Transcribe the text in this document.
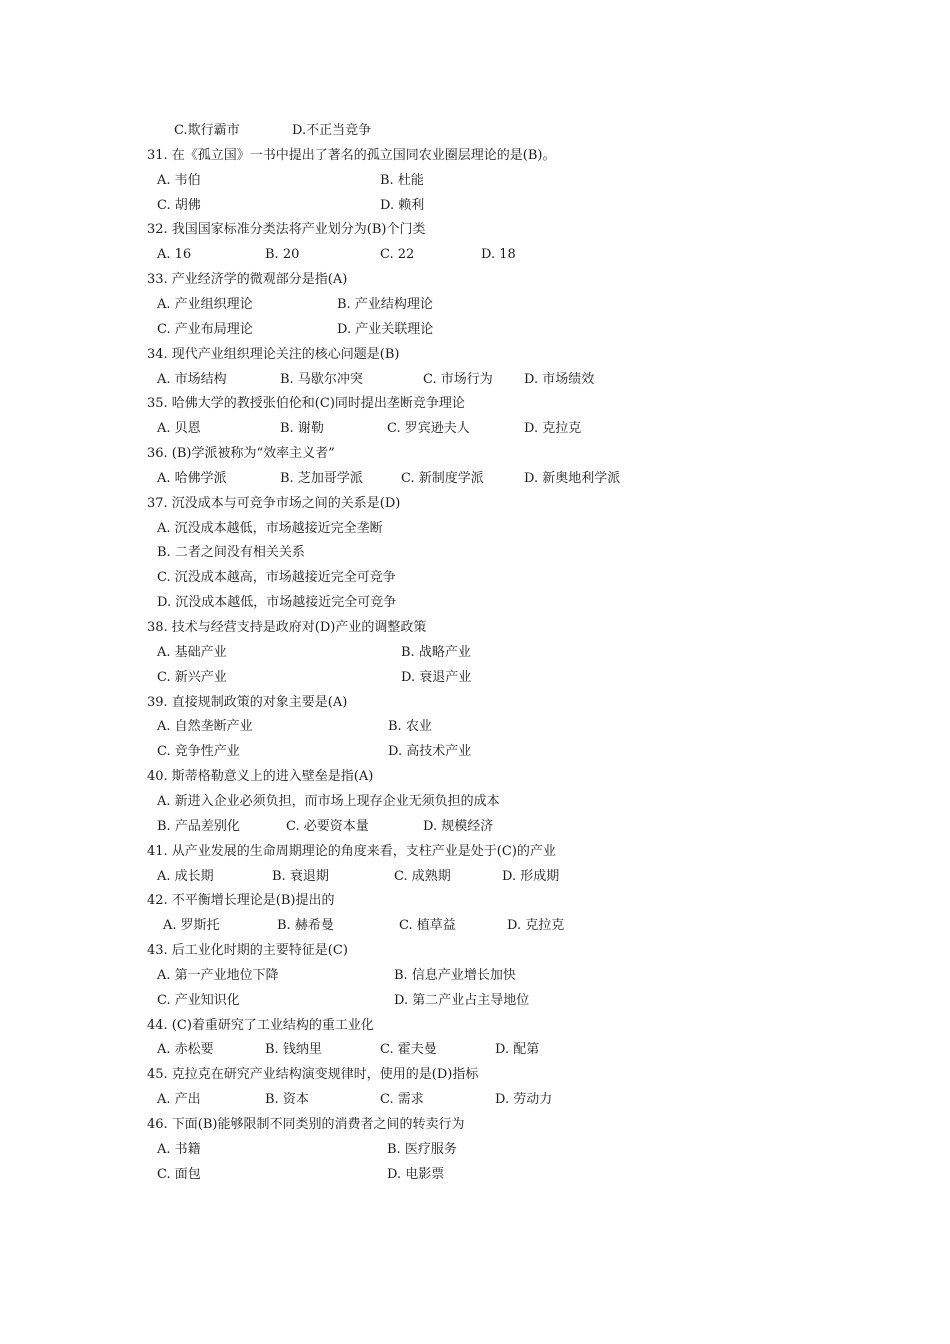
C.欺行霸市	D.不正当竞争
31. 在《孤立国》一书中提出了著名的孤立国同农业圈层理论的是(B)。
A. 韦伯	B. 杜能
C. 胡佛	D. 赖利
32. 我国国家标准分类法将产业划分为(B)个门类
A. 16	B. 20	C. 22	D. 18
33. 产业经济学的微观部分是指(A)
A. 产业组织理论	B. 产业结构理论
C. 产业布局理论	D. 产业关联理论
34. 现代产业组织理论关注的核心问题是(B)
A. 市场结构	B. 马歇尔冲突	C. 市场行为 D. 市场绩效
35. 哈佛大学的教授张伯伦和(C)同时提出垄断竞争理论
A. 贝恩	B. 谢勒	C. 罗宾逊夫人	D. 克拉克
36. (B)学派被称为“效率主义者”
A. 哈佛学派	B. 芝加哥学派	C. 新制度学派	D. 新奥地利学派
37. 沉没成本与可竞争市场之间的关系是(D)
A. 沉没成本越低，市场越接近完全垄断
B. 二者之间没有相关关系
C. 沉没成本越高，市场越接近完全可竞争
D. 沉没成本越低，市场越接近完全可竞争
38. 技术与经营支持是政府对(D)产业的调整政策
A. 基础产业	B. 战略产业
C. 新兴产业	D. 衰退产业
39. 直接规制政策的对象主要是(A)
A. 自然垄断产业	B. 农业
C. 竞争性产业	D. 高技术产业
40. 斯蒂格勒意义上的进入壁垒是指(A)
A. 新进入企业必须负担，而市场上现存企业无须负担的成本
B. 产品差别化	C. 必要资本量	D. 规模经济
41. 从产业发展的生命周期理论的角度来看，支柱产业是处于(C)的产业
A. 成长期	B. 衰退期	C. 成熟期	D. 形成期
42. 不平衡增长理论是(B)提出的
A. 罗斯托	B. 赫希曼	C. 植草益	D. 克拉克
43. 后工业化时期的主要特征是(C)
A. 第一产业地位下降	B. 信息产业增长加快
C. 产业知识化	D. 第二产业占主导地位
44. (C)着重研究了工业结构的重工业化
A. 赤松要	B. 钱纳里	C. 霍夫曼	D. 配第
45. 克拉克在研究产业结构演变规律时，使用的是(D)指标
A. 产出	B. 资本	C. 需求	D. 劳动力
46. 下面(B)能够限制不同类别的消费者之间的转卖行为
A. 书籍	B. 医疗服务
C. 面包	D. 电影票
